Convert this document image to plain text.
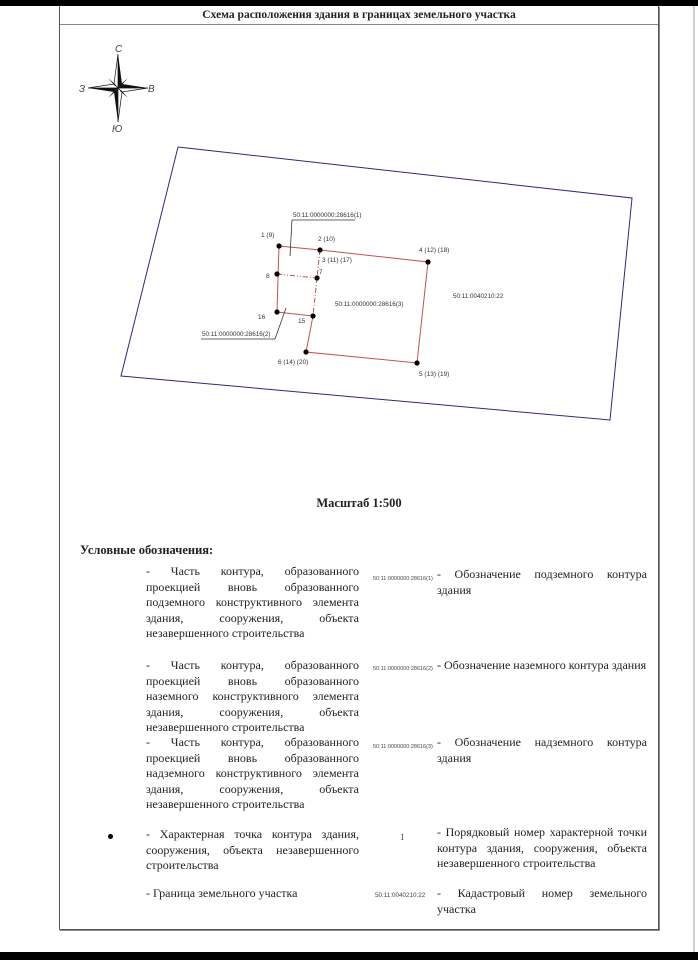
Схема расположения здания в границах земельного участка
С
Ю
З	В
1 (9)
2 (10)
3 (11) (17)
4 (12) (18)
5 (13) (19)
6 (14) (20)
7
8
15
16
50:11:0000000:28616(1)
50:11:0000000:28616(2)
50:11:0000000:28616(3)
50:11:0040210:22
Масштаб 1:500
Условные обозначения:
- Часть контура, образованного проекцией вновь образованного подземного конструктивного элемента здания, сооружения, объекта незавершенного строительства
- Часть контура, образованного проекцией вновь образованного наземного конструктивного элемента здания, сооружения, объекта незавершенного строительства
- Часть контура, образованного проекцией вновь образованного надземного конструктивного элемента здания, сооружения, объекта незавершенного строительства
- Характерная точка контура здания, сооружения, объекта незавершенного строительства
- Граница земельного участка
50:11:0000000:28616(1) - Обозначение подземного контура здания
50:11:0000000:28616(2) - Обозначение наземного контура здания
50:11:0000000:28616(3) - Обозначение надземного контура здания
1	- Порядковый номер характерной точки контура здания, сооружения, объекта незавершенного строительства
50:11:0040210:22 - Кадастровый номер земельного участка
